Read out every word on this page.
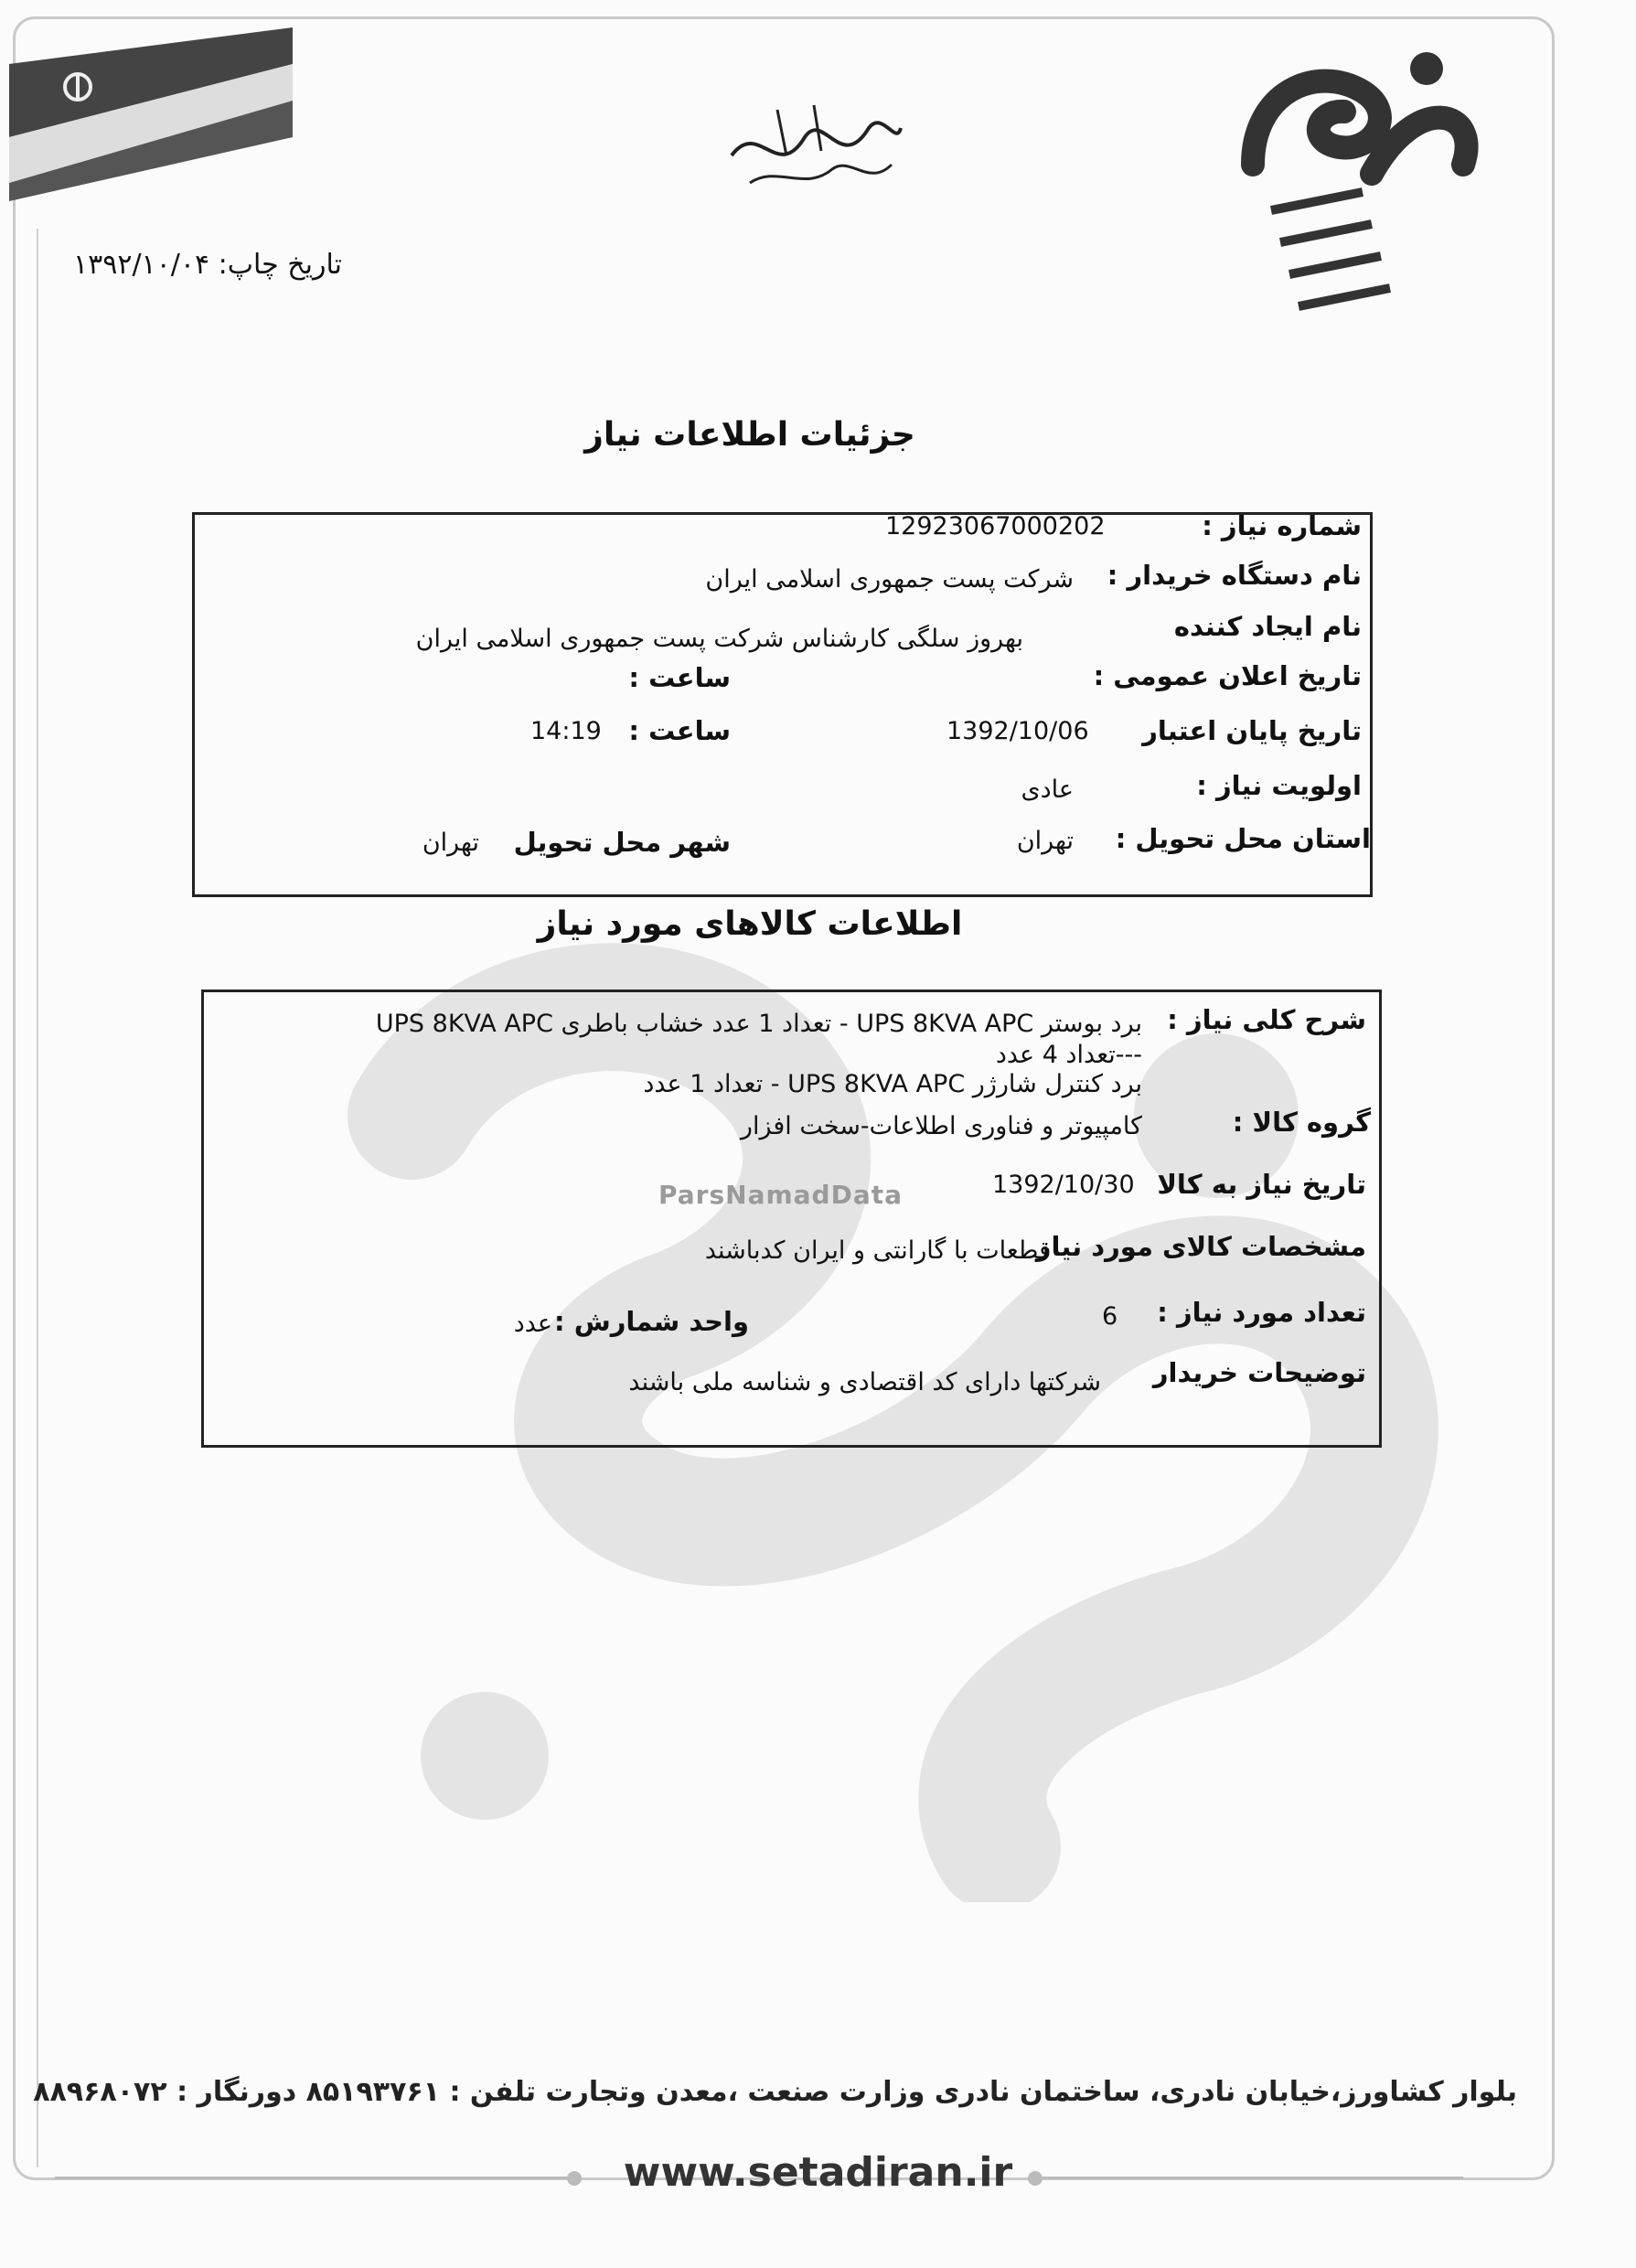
ParsNamadData
تاریخ چاپ: ۱۳۹۲/۱۰/۰۴
جزئیات اطلاعات نیاز
شماره نیاز :
12923067000202
نام دستگاه خریدار :
شرکت پست جمهوری اسلامی ایران
نام ایجاد کننده
بهروز سلگی کارشناس شرکت پست جمهوری اسلامی ایران
تاریخ اعلان عمومی :
ساعت :
تاریخ پایان اعتبار
1392/10/06
ساعت :
14:19
اولویت نیاز :
عادی
استان محل تحویل :
تهران
شهر محل تحویل
تهران
اطلاعات کالاهای مورد نیاز
شرح کلی نیاز :
برد بوستر UPS 8KVA APC - تعداد 1 عدد خشاب باطری UPS 8KVA APC
---تعداد 4 عدد
برد کنترل شارژر UPS 8KVA APC - تعداد 1 عدد
گروه کالا :
کامپیوتر و فناوری اطلاعات-سخت افزار
تاریخ نیاز به کالا
1392/10/30
مشخصات کالای مورد نیاز
قطعات با گارانتی و ایران کدباشند
تعداد مورد نیاز :
6
واحد شمارش :
عدد
توضیحات خریدار
شرکتها دارای کد اقتصادی و شناسه ملی باشند
بلوار کشاورز،خیابان نادری، ساختمان نادری وزارت صنعت ،معدن وتجارت تلفن : ۸۵۱۹۳۷۶۱ دورنگار : ۸۸۹۶۸۰۷۲
www.setadiran.ir
